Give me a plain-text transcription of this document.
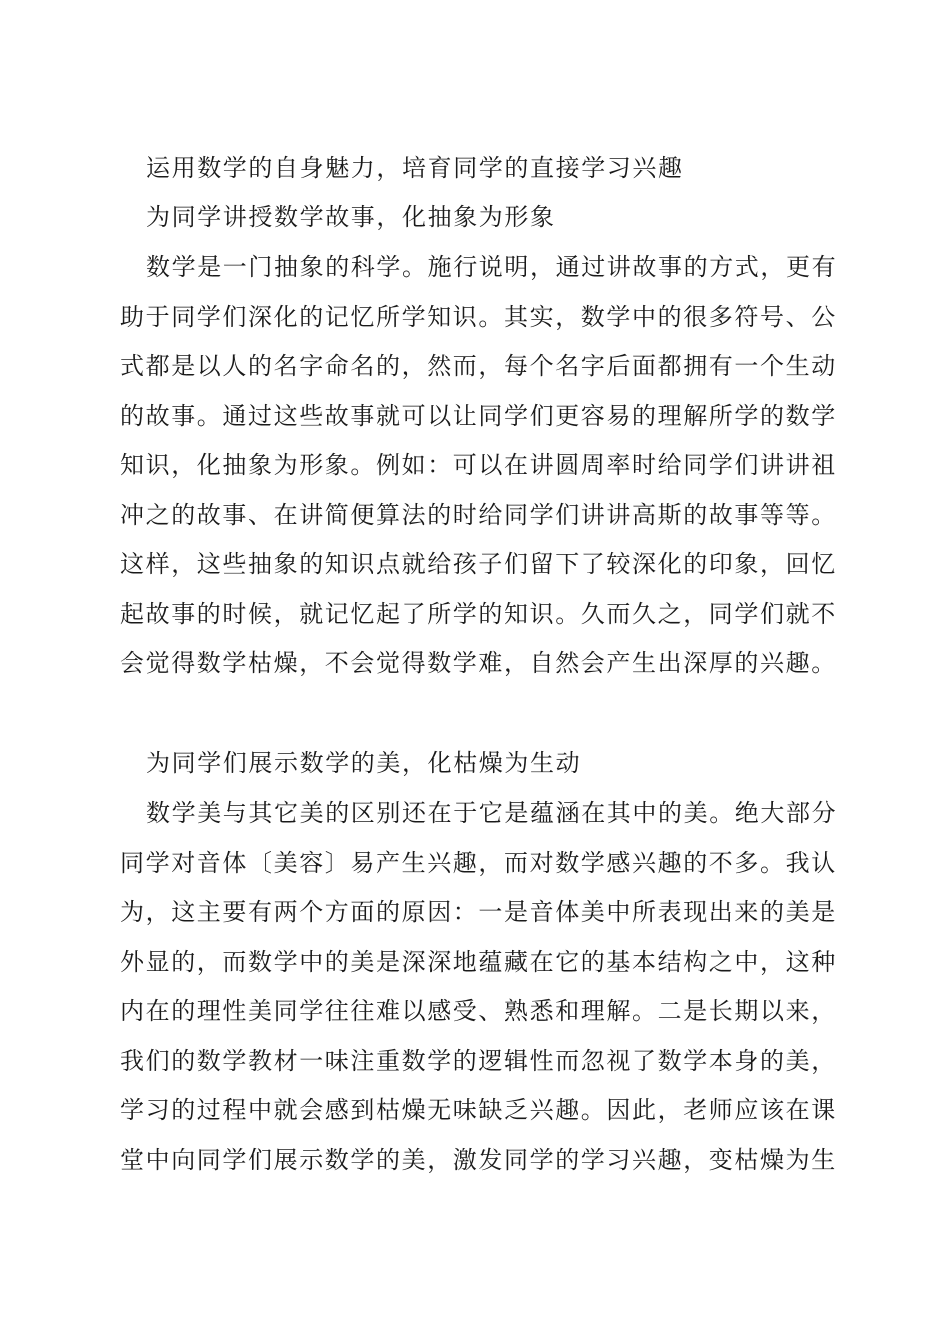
运用数学的自身魅力，培育同学的直接学习兴趣
为同学讲授数学故事，化抽象为形象
数学是一门抽象的科学。施行说明，通过讲故事的方式，更有
助于同学们深化的记忆所学知识。其实，数学中的很多符号、公
式都是以人的名字命名的，然而，每个名字后面都拥有一个生动
的故事。通过这些故事就可以让同学们更容易的理解所学的数学
知识，化抽象为形象。例如：可以在讲圆周率时给同学们讲讲祖
冲之的故事、在讲简便算法的时给同学们讲讲高斯的故事等等。
这样，这些抽象的知识点就给孩子们留下了较深化的印象，回忆
起故事的时候，就记忆起了所学的知识。久而久之，同学们就不
会觉得数学枯燥，不会觉得数学难，自然会产生出深厚的兴趣。
为同学们展示数学的美，化枯燥为生动
数学美与其它美的区别还在于它是蕴涵在其中的美。绝大部分
同学对音体〔美容〕易产生兴趣，而对数学感兴趣的不多。我认
为，这主要有两个方面的原因：一是音体美中所表现出来的美是
外显的，而数学中的美是深深地蕴藏在它的基本结构之中，这种
内在的理性美同学往往难以感受、熟悉和理解。二是长期以来，
我们的数学教材一味注重数学的逻辑性而忽视了数学本身的美，
学习的过程中就会感到枯燥无味缺乏兴趣。因此，老师应该在课
堂中向同学们展示数学的美，激发同学的学习兴趣，变枯燥为生
